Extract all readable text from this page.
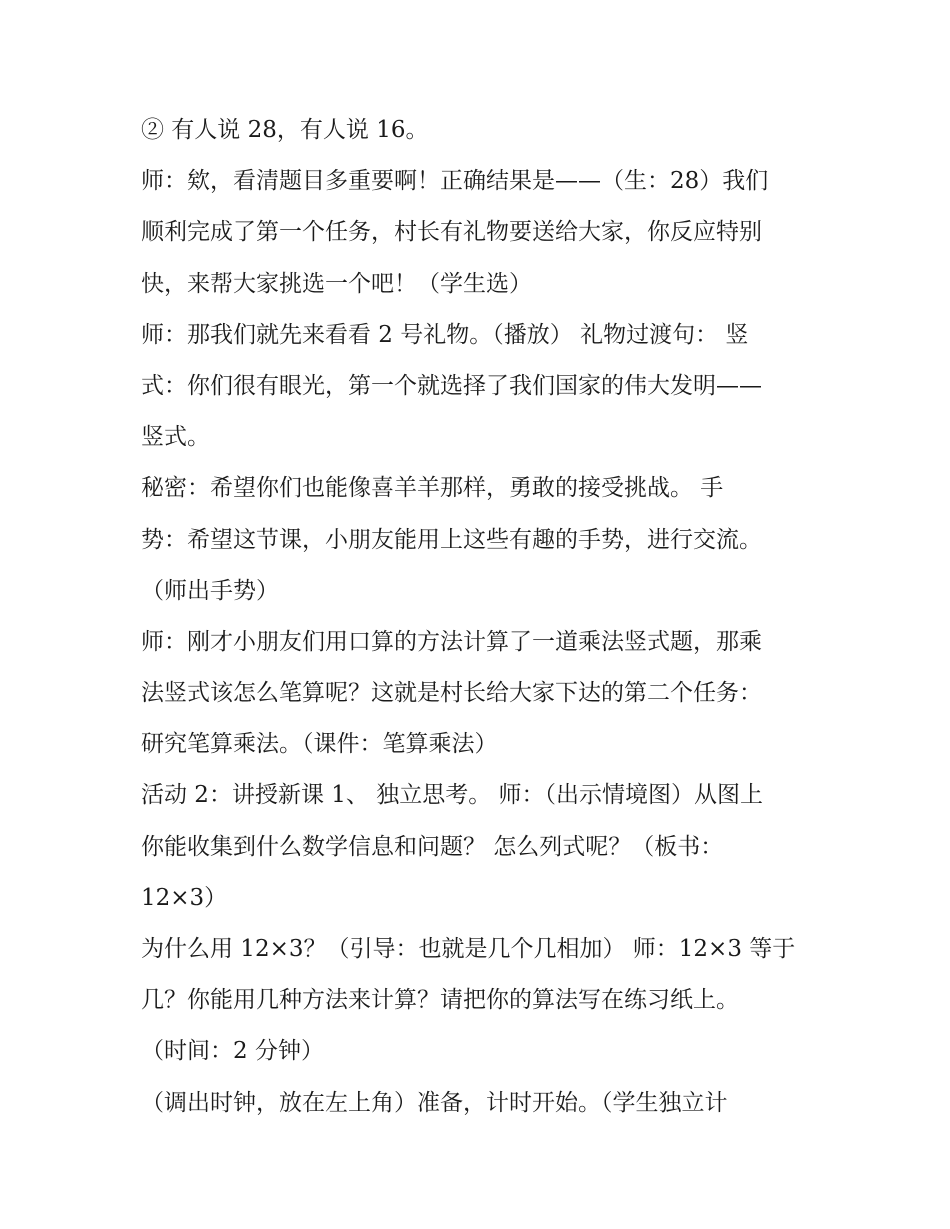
② 有人说 28，有人说 16。
师：欸，看清题目多重要啊！正确结果是——（生：28）我们
顺利完成了第一个任务，村长有礼物要送给大家，你反应特别
快，来帮大家挑选一个吧！（学生选）
师：那我们就先来看看 2 号礼物。（播放） 礼物过渡句： 竖
式：你们很有眼光，第一个就选择了我们国家的伟大发明——
竖式。
秘密：希望你们也能像喜羊羊那样，勇敢的接受挑战。 手
势：希望这节课，小朋友能用上这些有趣的手势，进行交流。
（师出手势）
师：刚才小朋友们用口算的方法计算了一道乘法竖式题，那乘
法竖式该怎么笔算呢？这就是村长给大家下达的第二个任务：
研究笔算乘法。（课件：笔算乘法）
活动 2：讲授新课 1、 独立思考。 师：（出示情境图）从图上
你能收集到什么数学信息和问题？ 怎么列式呢？（板书：
12×3）
为什么用 12×3？（引导：也就是几个几相加） 师：12×3 等于
几？你能用几种方法来计算？请把你的算法写在练习纸上。
（时间：2 分钟）
（调出时钟，放在左上角）准备，计时开始。（学生独立计
